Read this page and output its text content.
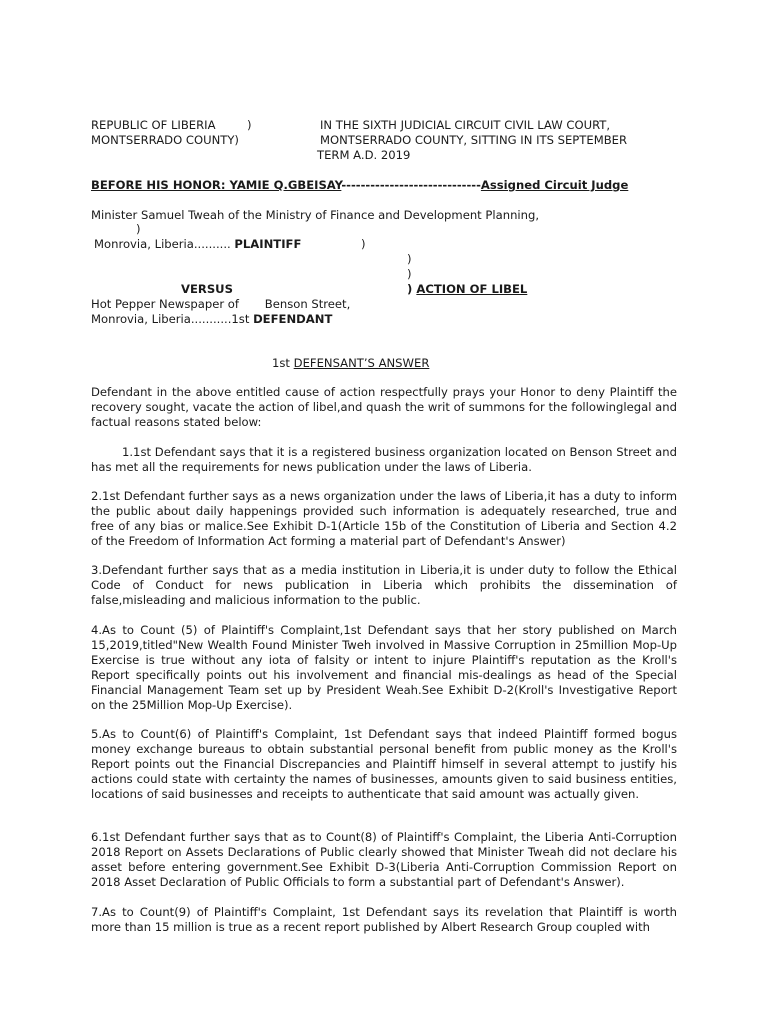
REPUBLIC OF LIBERIA	)
MONTSERRADO COUNTY)
IN THE SIXTH JUDICIAL CIRCUIT CIVIL LAW COURT,
MONTSERRADO COUNTY, SITTING IN ITS SEPTEMBER
TERM A.D. 2019
BEFORE HIS HONOR: YAMIE Q.GBEISAY-----------------------------Assigned Circuit Judge
Minister Samuel Tweah of the Ministry of Finance and Development Planning,
)
Monrovia, Liberia.......... PLAINTIFF	)
)
)
VERSUS	) ACTION OF LIBEL
Hot Pepper Newspaper of       Benson Street,
Monrovia, Liberia...........1st DEFENDANT
1st DEFENSANT’S ANSWER
Defendant in the above entitled cause of action respectfully prays your Honor to deny Plaintiff the recovery sought, vacate the action of libel,and quash the writ of summons for the followinglegal and factual reasons stated below:
1.1st Defendant says that it is a registered business organization located on Benson Street and has met all the requirements for news publication under the laws of Liberia.
2.1st Defendant further says as a news organization under the laws of Liberia,it has a duty to inform the public about daily happenings provided such information is adequately researched, true and free of any bias or malice.See Exhibit D-1(Article 15b of the Constitution of Liberia and Section 4.2 of the Freedom of Information Act forming a material part of Defendant's Answer)
3.Defendant further says that as a media institution in Liberia,it is under duty to follow the Ethical Code of Conduct for news publication in Liberia which prohibits the dissemination of false,misleading and malicious information to the public.
4.As to Count (5) of Plaintiff's Complaint,1st Defendant says that her story published on March 15,2019,titled"New Wealth Found Minister Tweh involved in Massive Corruption in 25million Mop-Up Exercise is true without any iota of falsity or intent to injure Plaintiff's reputation as the Kroll's Report specifically points out his involvement and financial mis-dealings as head of the Special Financial Management Team set up by President Weah.See Exhibit D-2(Kroll's Investigative Report on the 25Million Mop-Up Exercise).
5.As to Count(6) of Plaintiff's Complaint, 1st Defendant says that indeed Plaintiff formed bogus money exchange bureaus to obtain substantial personal benefit from public money as the Kroll's Report points out the Financial Discrepancies and Plaintiff himself in several attempt to justify his actions could state with certainty the names of businesses, amounts given to said business entities, locations of said businesses and receipts to authenticate that said amount was actually given.
6.1st Defendant further says that as to Count(8) of Plaintiff's Complaint, the Liberia Anti-Corruption 2018 Report on Assets Declarations of Public clearly showed that Minister Tweah did not declare his asset before entering government.See Exhibit D-3(Liberia Anti-Corruption Commission Report on 2018 Asset Declaration of Public Officials to form a substantial part of Defendant's Answer).
7.As to Count(9) of Plaintiff's Complaint, 1st Defendant says its revelation that Plaintiff is worth more than 15 million is true as a recent report published by Albert Research Group coupled with
